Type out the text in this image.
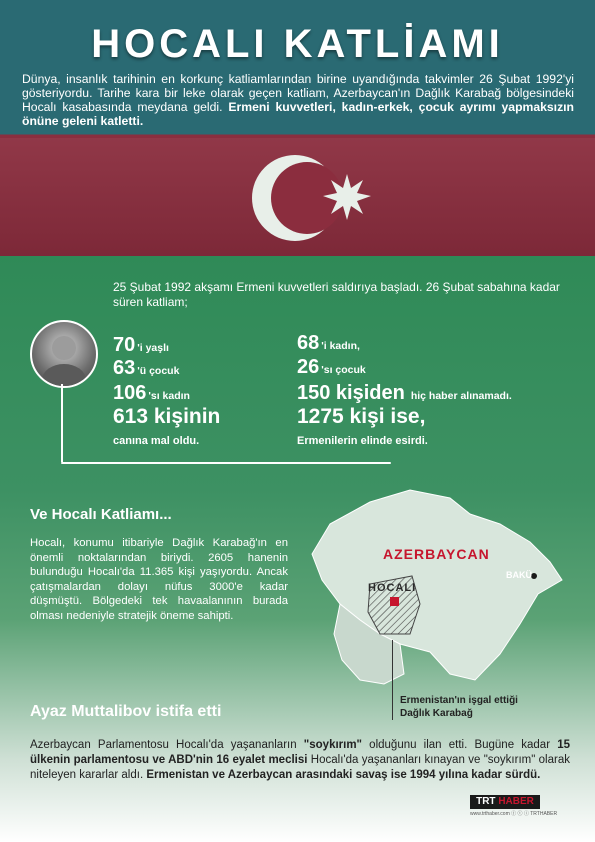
HOCALI KATLİAMI
Dünya, insanlık tarihinin en korkunç katliamlarından birine uyandığında takvimler 26 Şubat 1992'yi gösteriyordu. Tarihe kara bir leke olarak geçen katliam, Azerbaycan'ın Dağlık Karabağ bölgesindeki Hocalı kasabasında meydana geldi. Ermeni kuvvetleri, kadın-erkek, çocuk ayrımı yapmaksızın önüne geleni katletti.
25 Şubat 1992 akşamı Ermeni kuvvetleri saldırıya başladı. 26 Şubat sabahına kadar süren katliam;
70 'i yaşlı
63 'ü çocuk
106 'sı kadın
613 kişinin
canına mal oldu.
68 'i kadın,
26 'sı çocuk
150 kişiden hiç haber alınamadı.
1275 kişi ise,
Ermenilerin elinde esirdi.
Ve Hocalı Katliamı...
Hocalı, konumu itibariyle Dağlık Karabağ'ın en önemli noktalarından biriydi. 2605 hanenin bulunduğu Hocalı'da 11.365 kişi yaşıyordu. Ancak çatışmalardan dolayı nüfus 3000'e kadar düşmüştü. Bölgedeki tek havaalanının burada olması nedeniyle stratejik öneme sahipti.
AZERBAYCAN
BAKÜ
HOCALI
Ermenistan'ın işgal ettiği
Dağlık Karabağ
Ayaz Muttalibov istifa etti
Azerbaycan Parlamentosu Hocalı'da yaşananların "soykırım" olduğunu ilan etti. Bugüne kadar 15 ülkenin parlamentosu ve ABD'nin 16 eyalet meclisi Hocalı'da yaşananları kınayan ve "soykırım" olarak niteleyen kararlar aldı. Ermenistan ve Azerbaycan arasındaki savaş ise 1994 yılına kadar sürdü.
TRT HABER
www.trthaber.com ⓕ ⓣ ⓘ TRTHABER
